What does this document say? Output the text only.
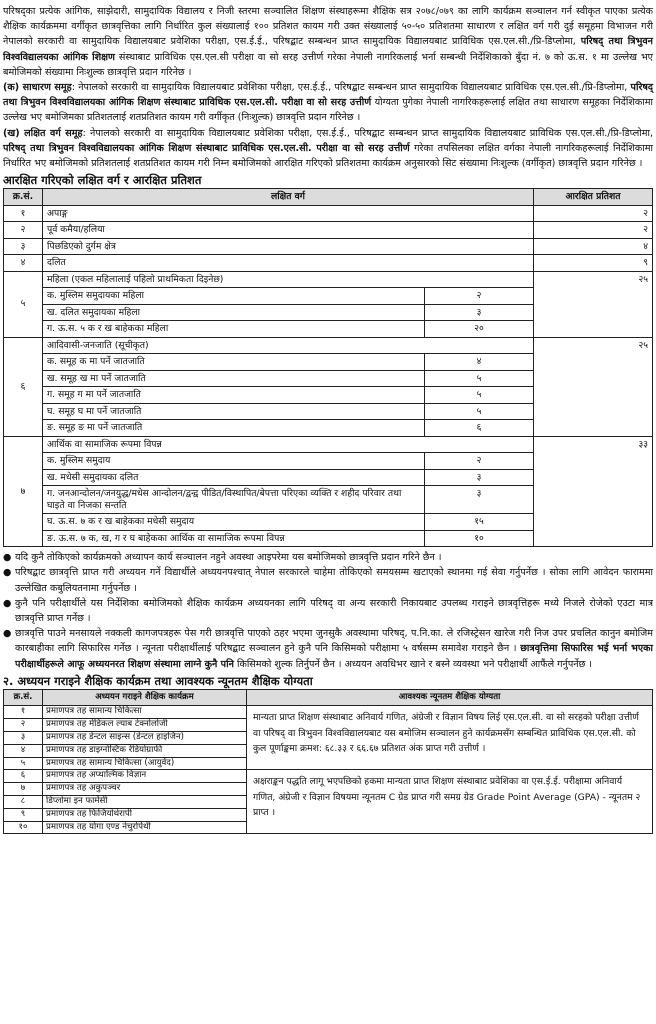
परिषद्का प्रत्येक आंगिक, साझेदारी, सामुदायिक विद्यालय र निजी स्तरमा सञ्चालित शिक्षण संस्थाहरूमा शैक्षिक सत्र २०७८/०७९ का लागि कार्यक्रम सञ्चालन गर्न स्वीकृत पाएका प्रत्येक शैक्षिक कार्यक्रममा वर्गीकृत छात्रवृत्तिका लागि निर्धारित कुल संख्यालाई १०० प्रतिशत कायम गरी उक्त संख्यालाई ५०-५० प्रतिशतमा साधारण र लक्षित वर्ग गरी दुई समूहमा विभाजन गरी नेपालको सरकारी वा सामुदायिक विद्यालयबाट प्रवेशिका परीक्षा, एस.ई.ई., परिषद्बाट सम्बन्धन प्राप्त सामुदायिक विद्यालयबाट प्राविधिक एस.एल.सी./प्रि-डिप्लोमा, परिषद् तथा त्रिभुवन विश्वविद्यालयका आंगिक शिक्षण संस्थाबाट प्राविधिक एस.एल.सी परीक्षा वा सो सरह उत्तीर्ण गरेका नेपाली नागरिकलाई भर्ना सम्बन्धी निर्देशिकाको बुँदा नं. ७ को ऊ.स. १ मा उल्लेख भए बमोजिमको संख्यामा निःशुल्क छात्रवृत्ति प्रदान गरिनेछ ।

(क) साधारण समूह: नेपालको सरकारी वा सामुदायिक विद्यालयबाट प्रवेशिका परीक्षा, एस.ई.ई., परिषद्बाट सम्बन्धन प्राप्त सामुदायिक विद्यालयबाट प्राविधिक एस.एल.सी./प्रि-डिप्लोमा, परिषद् तथा त्रिभुवन विश्वविद्यालयका आंगिक शिक्षण संस्थाबाट प्राविधिक एस.एल.सी. परीक्षा वा सो सरह उत्तीर्ण योग्यता पुगेका नेपाली नागरिकहरूलाई लक्षित तथा साधारण समूहका निर्देशिकामा उल्लेख भए बमोजिमका प्रतिशतलाई शतप्रतिशत कायम गरी वर्गीकृत (निःशुल्क) छात्रवृत्ति प्रदान गरिनेछ ।

(ख) लक्षित वर्ग समूह: नेपालको सरकारी वा सामुदायिक विद्यालयबाट प्रवेशिका परीक्षा, एस.ई.ई., परिषद्बाट सम्बन्धन प्राप्त सामुदायिक विद्यालयबाट प्राविधिक एस.एल.सी./प्रि-डिप्लोमा, परिषद् तथा त्रिभुवन विश्वविद्यालयका आंगिक शिक्षण संस्थाबाट प्राविधिक एस.एल.सी. परीक्षा वा सो सरह उत्तीर्ण गरेका तपसिलका लक्षित वर्गका नेपाली नागरिकहरूलाई निर्देशिकामा निर्धारित भए बमोजिमको प्रतिशतलाई शतप्रतिशत कायम गरी निम्न बमोजिमको आरक्षित गरिएको प्रतिशतमा कार्यक्रम अनुसारको सिट संख्यामा निःशुल्क (वर्गीकृत) छात्रवृत्ति प्रदान गरिनेछ ।

आरक्षित गरिएको लक्षित वर्ग र आरक्षित प्रतिशत
क्र.सं.	लक्षित वर्ग		आरक्षित प्रतिशत
१	अपाङ्ग		२
२	पूर्व कमैया/हलिया		२
३	पिछडिएको दुर्गम क्षेत्र		४
४	दलित		९
५	महिला (एकल महिलालाई पहिलो प्राथमिकता दिइनेछ)		२५
	क. मुस्लिम समुदायका महिला	२	
	ख. दलित समुदायका महिला	३	
	ग. ऊ.स. ५ क र ख बाहेकका महिला	२०	
६	आदिवासी-जनजाति (सूचीकृत)		२५
	क. समूह क मा पर्ने जातजाति	४	
	ख. समूह ख मा पर्ने जातजाति	५	
	ग. समूह ग मा पर्ने जातजाति	५	
	घ. समूह घ मा पर्ने जातजाति	५	
	ङ. समूह ङ मा पर्ने जातजाति	६	
७	आर्थिक वा सामाजिक रूपमा विपन्न		३३
	क. मुस्लिम समुदाय	२	
	ख. मधेसी समुदायका दलित	३	
	ग. जनआन्दोलन/जनयुद्ध/मधेस आन्दोलन/द्वन्द्व पीडित/विस्थापित/बेपत्ता परिएका व्यक्ति र शहीद परिवार तथा घाइते वा निजका सन्तति	३	
	घ. ऊ.स. ७ क र ख बाहेकका मधेसी समुदाय	१५	
	ङ. ऊ.स. ७ क, ख, ग र घ बाहेकका आर्थिक वा सामाजिक रूपमा विपन्न	१०	
● यदि कुनै तोकिएको कार्यक्रमको अध्यापन कार्य सञ्चालन नहुने अवस्था आइपरेमा यस बमोजिमको छात्रवृत्ति प्रदान गरिने छैन ।
● परिषद्बाट छात्रवृत्ति प्राप्त गरी अध्ययन गर्ने विद्यार्थीले अध्ययनपश्चात् नेपाल सरकारले चाहेमा तोकिएको समयसम्म खटाएको स्थानमा गई सेवा गर्नुपर्नेछ । सोका लागि आवेदन फाराममा उल्लेखित कबुलियतनामा गर्नुपर्नेछ ।
● कुनै पनि परीक्षार्थीले यस निर्देशिका बमोजिमको शैक्षिक कार्यक्रम अध्ययनका लागि परिषद् वा अन्य सरकारी निकायबाट उपलब्ध गराइने छात्रवृत्तिहरू मध्ये निजले रोजेको एउटा मात्र छात्रवृत्ति प्राप्त गर्नेछ ।
● छात्रवृत्ति पाउने मनसायले नक्कली कागजपत्रहरू पेस गरी छात्रवृत्ति पाएको ठहर भएमा जुनसुकै अवस्थामा परिषद्, प.नि.का. ले रजिस्ट्रेसन खारेज गरी निज उपर प्रचलित कानुन बमोजिम कारबाहीका लागि सिफारिस गर्नेछ । न्यूनता परीक्षार्थीलाई परिषद्बाट सञ्चालन हुने कुनै पनि किसिमको परीक्षामा ५ वर्षसम्म समावेश गराइने छैन । छात्रवृत्तिमा सिफारिस भई भर्ना भएका परीक्षार्थीहरूले आफू अध्ययनरत शिक्षण संस्थामा लाग्ने कुनै पनि किसिमको शुल्क तिर्नुपर्ने छैन । अध्ययन अवधिभर खाने र बस्ने व्यवस्था भने परीक्षार्थी आफैंले गर्नुपर्नेछ ।
२. अध्ययन गराइने शैक्षिक कार्यक्रम तथा आवश्यक न्यूनतम शैक्षिक योग्यता
क्र.सं.	अध्ययन गराइने शैक्षिक कार्यक्रम	आवश्यक न्यूनतम शैक्षिक योग्यता
१	प्रमाणपत्र तह सामान्य चिकित्सा	मान्यता प्राप्त शिक्षण संस्थाबाट अनिवार्य गणित, अंग्रेजी र विज्ञान विषय लिई एस.एल.सी. वा सो सरहको परीक्षा उत्तीर्ण वा परिषद् वा त्रिभुवन विश्वविद्यालयबाट यस बमोजिम सञ्चालन हुने कार्यक्रमसँग सम्बन्धित प्राविधिक एस.एल.सी. को कुल पूर्णाङ्कमा क्रमश: ६८.३३ र ६६.६७ प्रतिशत अंक प्राप्त गरी उत्तीर्ण ।
२	प्रमाणपत्र तह मेडिकल ल्याब टेक्नोलोजी	
३	प्रमाणपत्र तह डेन्टल साइन्स (डेन्टल हाइजिन)	
४	प्रमाणपत्र तह डाइग्नोस्टिक रेडियोग्राफी	
५	प्रमाणपत्र तह सामान्य चिकित्सा (आयुर्वेद)	
६	प्रमाणपत्र तह अप्थाल्मिक विज्ञान	अक्षराङ्कन पद्धति लागू भएपछिको हकमा मान्यता प्राप्त शिक्षण संस्थाबाट प्रवेशिका वा एस.ई.ई. परीक्षामा अनिवार्य गणित, अंग्रेजी र विज्ञान विषयमा न्यूनतम C ग्रेड प्राप्त गरी समग्र ग्रेड Grade Point Average (GPA) - न्यूनतम २ प्राप्त ।
७	प्रमाणपत्र तह अकुपञ्चर	
८	डिप्लोमा इन फार्मेसी	
९	प्रमाणपत्र तह फिजियोथेरापी	
१०	प्रमाणपत्र तह योगा एण्ड नेचुरोपेथी	
